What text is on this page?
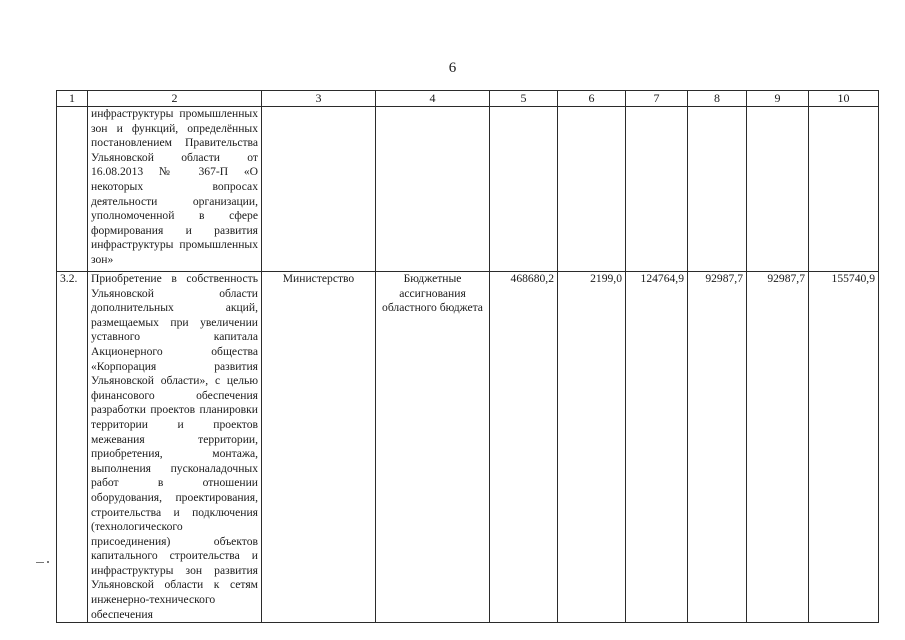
6
1	2	3	4	5	6	7	8	9	10
	инфраструктуры промышленных зон и функций, определённых постановлением Правительства Ульяновской области от 16.08.2013 № 367-П «О некоторых вопросах деятельности организации, уполномоченной в сфере формирования и развития инфраструктуры промышленных зон»								
3.2.	Приобретение в собственность Ульяновской области дополнительных акций, размещаемых при увеличении уставного капитала Акционерного общества «Корпорация развития Ульяновской области», с целью финансового обеспечения разработки проектов планировки территории и проектов межевания территории, приобретения, монтажа, выполнения пусконаладочных работ в отношении оборудования, проектирования, строительства и подключения (технологического присоединения) объектов капитального строительства и инфраструктуры зон развития Ульяновской области к сетям инженерно-технического обеспечения	Министерство	Бюджетные ассигнования областного бюджета	468680,2	2199,0	124764,9	92987,7	92987,7	155740,9
